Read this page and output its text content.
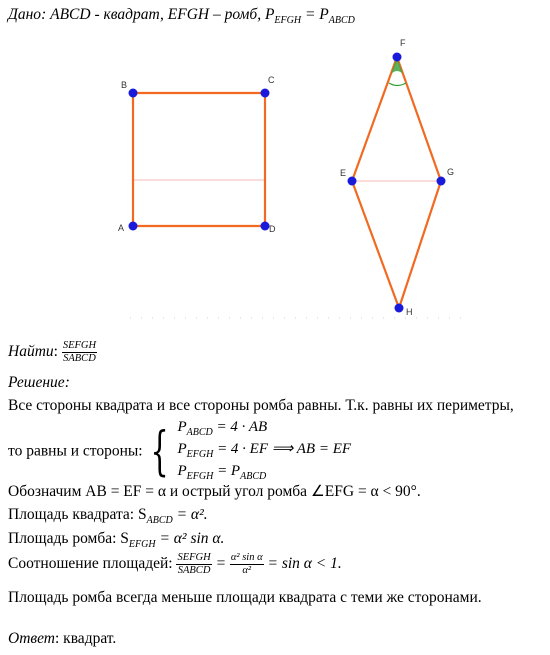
Дано: ABCD - квадрат, EFGH – ромб, $P_{EFGH} = P_{ABCD}$
A
B	C
D
α
E
F
G
H
Найти: $\frac{\text{SEFGH}}{\text{SABCD}}$
Решение:
Все стороны квадрата и все стороны ромба равны. Т.к. равны их периметры,
то равны и стороны: { $P_{ABCD} = 4$ · AB
$P_{EFGH} = 4$ · EF ⟹ AB = EF
$P_{EFGH} = P_{ABCD}$
Обозначим AB = EF = α и острый угол ромба ∠EFG = α < 90°.
Площадь квадрата: $S_{ABCD} = \alpha^2$.
Площадь ромба: $S_{EFGH} = \alpha^2$ sin α.
Соотношение площадей: $\frac{\text{SEFGH}}{\text{SABCD}} = \frac{\text{α² sin α}}{\text{α²}} = \sin \alpha < 1$.
Площадь ромба всегда меньше площади квадрата с теми же сторонами.
Ответ: квадрат.
